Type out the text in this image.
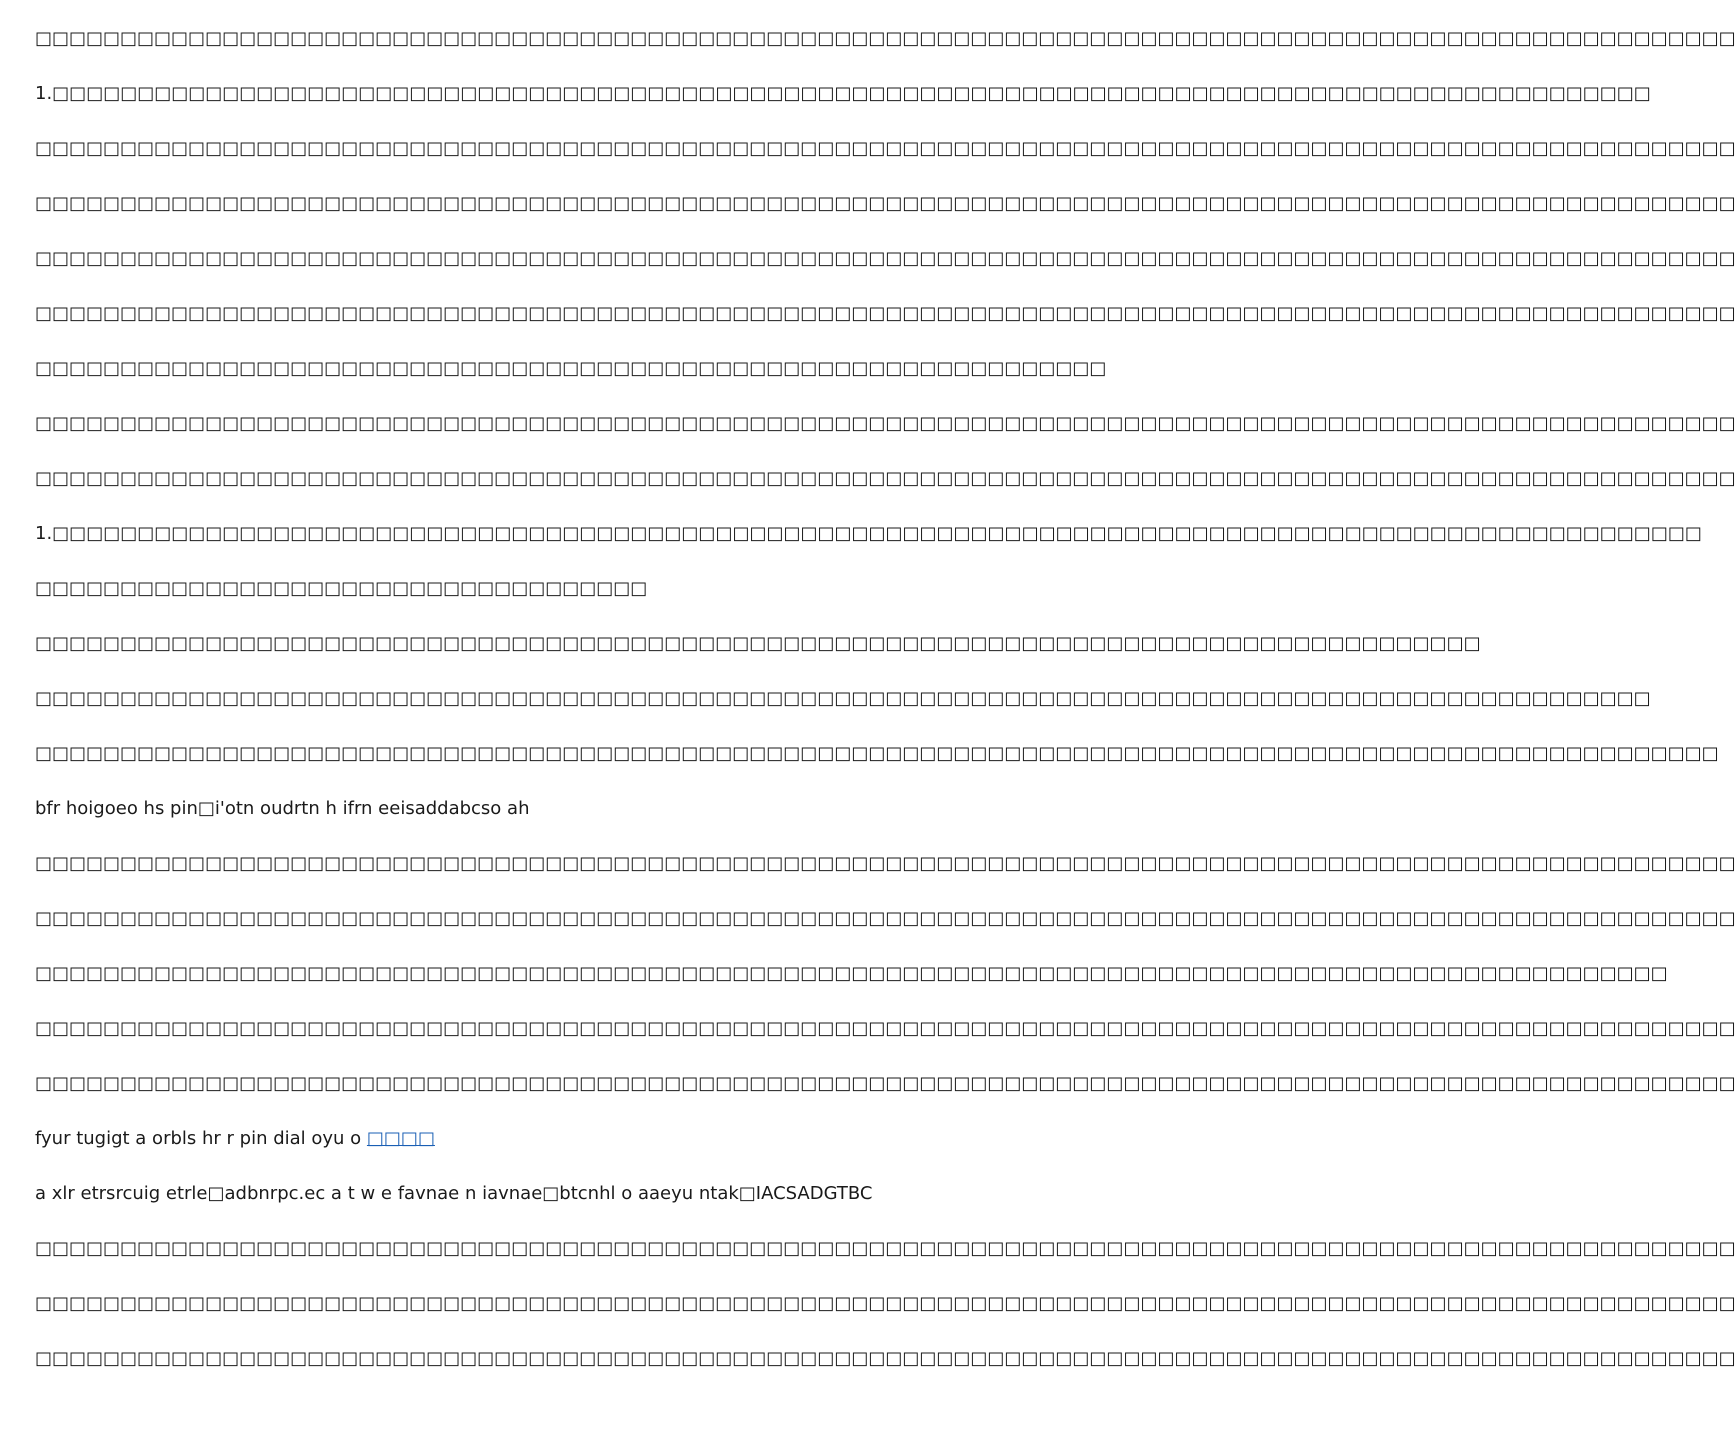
□□□□□□□□□□□□□□□□□□□□□□□□□□□□□□□□□□□□□□□□□□□□□□□□□□□□□□□□□□□□□□□□□□□□□□□□□□□□□□□□□□□□□□□□□□□□□□□□□□□□

1.□□□□□□□□□□□□□□□□□□□□□□□□□□□□□□□□□□□□□□□□□□□□□□□□□□□□□□□□□□□□□□□□□□□□□□□□□□□□□□□□□□□□□□□□□□□□□□

□□□□□□□□□□□□□□□□□□□□□□□□□□□□□□□□□□□□□□□□□□□□□□□□□□□□□□□□□□□□□□□□□□□□□□□□□□□□□□□□□□□□□□□□□□□□□□□□□□□□

□□□□□□□□□□□□□□□□□□□□□□□□□□□□□□□□□□□□□□□□□□□□□□□□□□□□□□□□□□□□□□□□□□□□□□□□□□□□□□□□□□□□□□□□□□□□□□□□□□□□

□□□□□□□□□□□□□□□□□□□□□□□□□□□□□□□□□□□□□□□□□□□□□□□□□□□□□□□□□□□□□□□□□□□□□□□□□□□□□□□□□□□□□□□□□□□□□□□□□□□□

□□□□□□□□□□□□□□□□□□□□□□□□□□□□□□□□□□□□□□□□□□□□□□□□□□□□□□□□□□□□□□□□□□□□□□□□□□□□□□□□□□□□□□□□□□□□□□□□□□□□

□□□□□□□□□□□□□□□□□□□□□□□□□□□□□□□□□□□□□□□□□□□□□□□□□□□□□□□□□□□□□□□

□□□□□□□□□□□□□□□□□□□□□□□□□□□□□□□□□□□□□□□□□□□□□□□□□□□□□□□□□□□□□□□□□□□□□□□□□□□□□□□□□□□□□□□□□□□□□□□□□□□□

□□□□□□□□□□□□□□□□□□□□□□□□□□□□□□□□□□□□□□□□□□□□□□□□□□□□□□□□□□□□□□□□□□□□□□□□□□□□□□□□□□□□□□□□□□□□□□□□□□□□

1.□□□□□□□□□□□□□□□□□□□□□□□□□□□□□□□□□□□□□□□□□□□□□□□□□□□□□□□□□□□□□□□□□□□□□□□□□□□□□□□□□□□□□□□□□□□□□□□□□

□□□□□□□□□□□□□□□□□□□□□□□□□□□□□□□□□□□□

□□□□□□□□□□□□□□□□□□□□□□□□□□□□□□□□□□□□□□□□□□□□□□□□□□□□□□□□□□□□□□□□□□□□□□□□□□□□□□□□□□□□□

□□□□□□□□□□□□□□□□□□□□□□□□□□□□□□□□□□□□□□□□□□□□□□□□□□□□□□□□□□□□□□□□□□□□□□□□□□□□□□□□□□□□□□□□□□□□□□□

□□□□□□□□□□□□□□□□□□□□□□□□□□□□□□□□□□□□□□□□□□□□□□□□□□□□□□□□□□□□□□□□□□□□□□□□□□□□□□□□□□□□□□□□□□□□□□□□□□□

bfr hoigoeo hs pin□i'otn oudrtn h ifrn eeisaddabcso ah

□□□□□□□□□□□□□□□□□□□□□□□□□□□□□□□□□□□□□□□□□□□□□□□□□□□□□□□□□□□□□□□□□□□□□□□□□□□□□□□□□□□□□□□□□□□□□□□□□□□□

□□□□□□□□□□□□□□□□□□□□□□□□□□□□□□□□□□□□□□□□□□□□□□□□□□□□□□□□□□□□□□□□□□□□□□□□□□□□□□□□□□□□□□□□□□□□□□□□□□□□

□□□□□□□□□□□□□□□□□□□□□□□□□□□□□□□□□□□□□□□□□□□□□□□□□□□□□□□□□□□□□□□□□□□□□□□□□□□□□□□□□□□□□□□□□□□□□□□□

□□□□□□□□□□□□□□□□□□□□□□□□□□□□□□□□□□□□□□□□□□□□□□□□□□□□□□□□□□□□□□□□□□□□□□□□□□□□□□□□□□□□□□□□□□□□□□□□□□□□

□□□□□□□□□□□□□□□□□□□□□□□□□□□□□□□□□□□□□□□□□□□□□□□□□□□□□□□□□□□□□□□□□□□□□□□□□□□□□□□□□□□□□□□□□□□□□□□□□□□□

fyur tugigt a orbls hr r pin dial oyu o □□□□

a xlr etrsrcuig etrle□adbnrpc.ec a t w e favnae n iavnae□btcnhl o aaeyu ntak□IACSADGTBC

□□□□□□□□□□□□□□□□□□□□□□□□□□□□□□□□□□□□□□□□□□□□□□□□□□□□□□□□□□□□□□□□□□□□□□□□□□□□□□□□□□□□□□□□□□□□□□□□□□□□

□□□□□□□□□□□□□□□□□□□□□□□□□□□□□□□□□□□□□□□□□□□□□□□□□□□□□□□□□□□□□□□□□□□□□□□□□□□□□□□□□□□□□□□□□□□□□□□□□□□□

□□□□□□□□□□□□□□□□□□□□□□□□□□□□□□□□□□□□□□□□□□□□□□□□□□□□□□□□□□□□□□□□□□□□□□□□□□□□□□□□□□□□□□□□□□□□□□□□□□□□
